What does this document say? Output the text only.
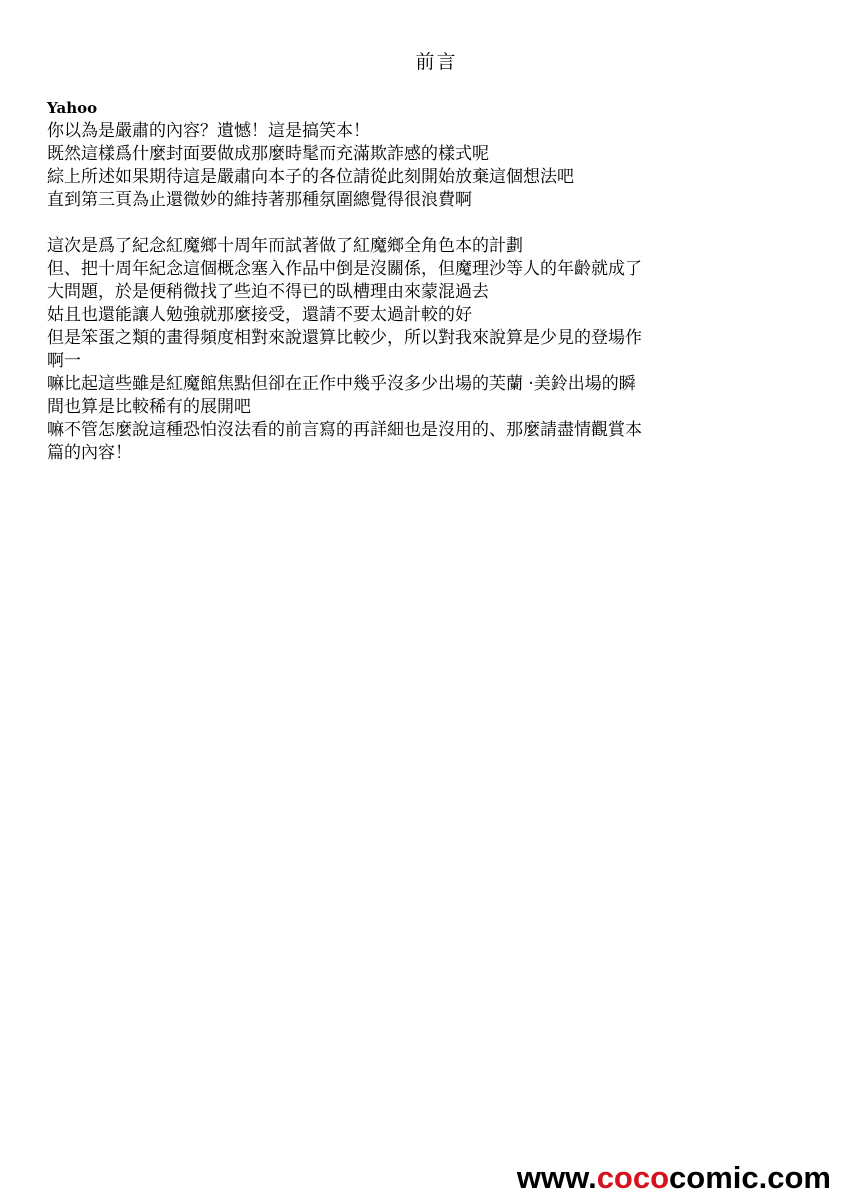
前言
Yahoo
你以為是嚴肅的內容？遺憾！這是搞笑本！
既然這樣爲什麼封面要做成那麼時髦而充滿欺詐感的樣式呢
綜上所述如果期待這是嚴肅向本子的各位請從此刻開始放棄這個想法吧
直到第三頁為止還微妙的維持著那種氛圍總覺得很浪費啊
這次是爲了紀念紅魔鄉十周年而試著做了紅魔鄉全角色本的計劃
但、把十周年紀念這個概念塞入作品中倒是沒關係，但魔理沙等人的年齡就成了
大問題，於是便稍微找了些迫不得已的臥槽理由來蒙混過去
姑且也還能讓人勉強就那麼接受，還請不要太過計較的好
但是笨蛋之類的畫得頻度相對來說還算比較少，所以對我來說算是少見的登場作
啊一
嘛比起這些雖是紅魔館焦點但卻在正作中幾乎沒多少出場的芙蘭 ·美鈴出場的瞬
間也算是比較稀有的展開吧
嘛不管怎麼說這種恐怕沒法看的前言寫的再詳細也是沒用的、那麼請盡情觀賞本
篇的內容！
www.cococomic.com
